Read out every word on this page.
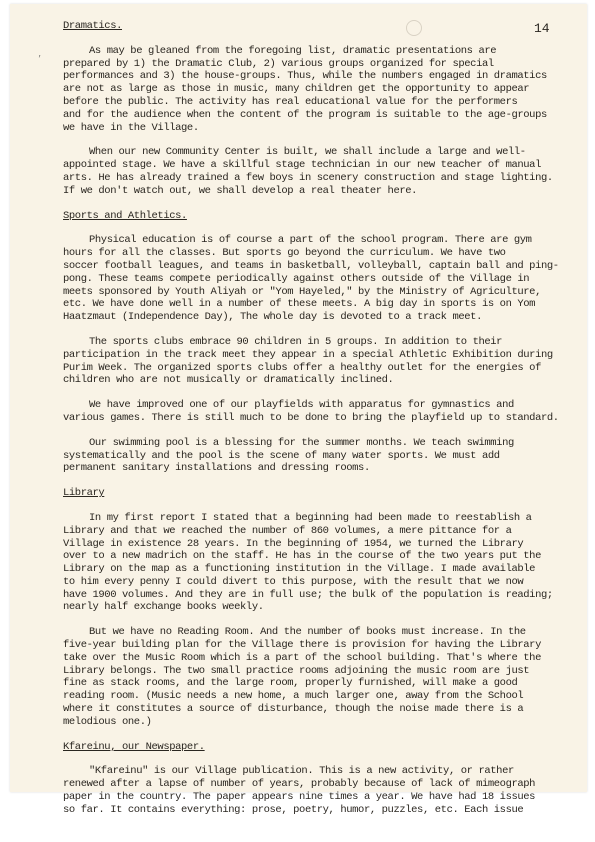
,
14

Dramatics.

As may be gleaned from the foregoing list, dramatic presentations are

prepared by 1) the Dramatic Club, 2) various groups organized for special

performances and 3) the house-groups. Thus, while the numbers engaged in dramatics

are not as large as those in music, many children get the opportunity to appear

before the public. The activity has real educational value for the performers

and for the audience when the content of the program is suitable to the age-groups

we have in the Village.

When our new Community Center is built, we shall include a large and well-

appointed stage. We have a skillful stage technician in our new teacher of manual

arts. He has already trained a few boys in scenery construction and stage lighting.

If we don't watch out, we shall develop a real theater here.

Sports and Athletics.

Physical education is of course a part of the school program. There are gym

hours for all the classes. But sports go beyond the curriculum. We have two

soccer football leagues, and teams in basketball, volleyball, captain ball and ping-

pong. These teams compete periodically against others outside of the Village in

meets sponsored by Youth Aliyah or "Yom Hayeled," by the Ministry of Agriculture,

etc. We have done well in a number of these meets. A big day in sports is on Yom

Haatzmaut (Independence Day), The whole day is devoted to a track meet.

The sports clubs embrace 90 children in 5 groups. In addition to their

participation in the track meet they appear in a special Athletic Exhibition during

Purim Week. The organized sports clubs offer a healthy outlet for the energies of

children who are not musically or dramatically inclined.

We have improved one of our playfields with apparatus for gymnastics and

various games. There is still much to be done to bring the playfield up to standard.

Our swimming pool is a blessing for the summer months. We teach swimming

systematically and the pool is the scene of many water sports. We must add

permanent sanitary installations and dressing rooms.

Library

In my first report I stated that a beginning had been made to reestablish a

Library and that we reached the number of 860 volumes, a mere pittance for a

Village in existence 28 years. In the beginning of 1954, we turned the Library

over to a new madrich on the staff. He has in the course of the two years put the

Library on the map as a functioning institution in the Village. I made available

to him every penny I could divert to this purpose, with the result that we now

have 1900 volumes. And they are in full use; the bulk of the population is reading;

nearly half exchange books weekly.

But we have no Reading Room. And the number of books must increase. In the

five-year building plan for the Village there is provision for having the Library

take over the Music Room which is a part of the school building. That's where the

Library belongs. The two small practice rooms adjoining the music room are just

fine as stack rooms, and the large room, properly furnished, will make a good

reading room. (Music needs a new home, a much larger one, away from the School

where it constitutes a source of disturbance, though the noise made there is a

melodious one.)

Kfareinu, our Newspaper.

"Kfareinu" is our Village publication. This is a new activity, or rather

renewed after a lapse of number of years, probably because of lack of mimeograph

paper in the country. The paper appears nine times a year. We have had 18 issues

so far. It contains everything: prose, poetry, humor, puzzles, etc. Each issue
